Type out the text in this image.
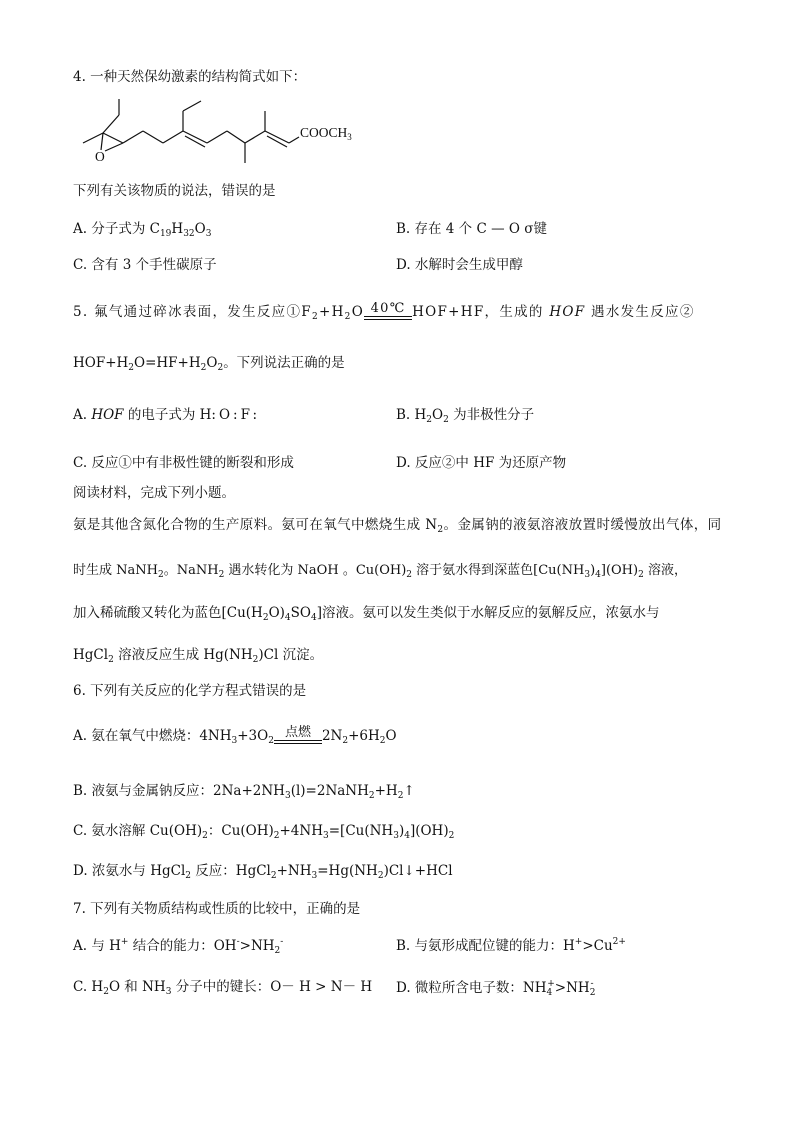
4. 一种天然保幼激素的结构简式如下：
$COOCH_3$
O
下列有关该物质的说法，错误的是
A. 分子式为 $C_{19}H_{32}O_3$	B. 存在 4 个 C — O σ键
C. 含有 3 个手性碳原子	D. 水解时会生成甲醇
5. 氟气通过碎冰表面，发生反应$①F_2+H_2O$ 40℃ HOF+HF，生成的 HOF 遇水发生反应②
$HOF+H_2O=HF+H_2O_2$。下列说法正确的是
A. HOF 的电子式为 H:O:F:	B. $H_2O_2$ 为非极性分子
C. 反应①中有非极性键的断裂和形成	D. 反应②中 HF 为还原产物
阅读材料，完成下列小题。
氨是其他含氮化合物的生产原料。氨可在氧气中燃烧生成 $N_2$。金属钠的液氨溶液放置时缓慢放出气体，同
时生成 NaNH$_2$。NaNH$_2$ 遇水转化为 NaOH 。$Cu(OH)_2$ 溶于氨水得到深蓝色$[Cu(NH_3)_4](OH)_2$ 溶液，
加入稀硫酸又转化为蓝色$[Cu(H_2O)_4SO_4]$溶液。氨可以发生类似于水解反应的氨解反应，浓氨水与
HgCl$_2$ 溶液反应生成 $Hg(NH_2)Cl$ 沉淀。
6. 下列有关反应的化学方程式错误的是
A. 氨在氧气中燃烧：$4NH_3+3O_2$
点燃 $2N_2+6H_2O$
B. 液氨与金属钠反应：$2Na+2NH_3(l)=2NaNH_2+H_2↑$
C. 氨水溶解 $Cu(OH)_2$：$Cu(OH)_2+4NH_3=[Cu(NH_3)_4](OH)_2$
D. 浓氨水与 HgCl$_2$ 反应：$HgCl_2+NH_3=Hg(NH_2)Cl↓+HCl$
7. 下列有关物质结构或性质的比较中，正确的是
A. 与 H+ 结合的能力：$OH^->NH_2^-$	B. 与氨形成配位键的能力：$H^+>Cu^{2+}$
C. $H_2O$ 和 $NH_3$ 分子中的键长：O－ H > N－ H D. 微粒所含电子数：$NH_4^+>NH_2^-$
